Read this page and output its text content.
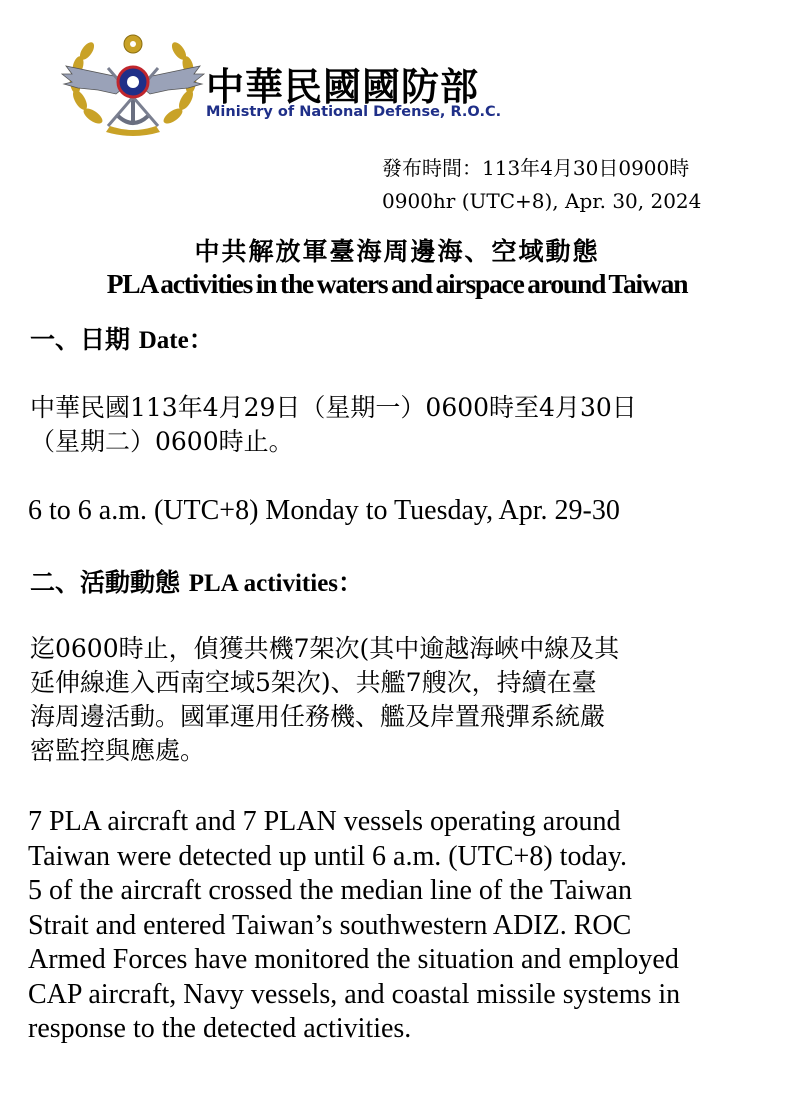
中華民國國防部
Ministry of National Defense, R.O.C.
發布時間：113年4月30日0900時
0900hr (UTC+8), Apr. 30, 2024
中共解放軍臺海周邊海、空域動態
PLA activities in the waters and airspace around Taiwan
一、日期 Date：
中華民國113年4月29日（星期一）0600時至4月30日
（星期二）0600時止。
6 to 6 a.m. (UTC+8) Monday to Tuesday, Apr. 29-30
二、活動動態 PLA activities：
迄0600時止，偵獲共機7架次(其中逾越海峽中線及其
延伸線進入西南空域5架次)、共艦7艘次，持續在臺
海周邊活動。國軍運用任務機、艦及岸置飛彈系統嚴
密監控與應處。
7 PLA aircraft and 7 PLAN vessels operating around
Taiwan were detected up until 6 a.m. (UTC+8) today.
5 of the aircraft crossed the median line of the Taiwan
Strait and entered Taiwan’s southwestern ADIZ. ROC
Armed Forces have monitored the situation and employed
CAP aircraft, Navy vessels, and coastal missile systems in
response to the detected activities.
